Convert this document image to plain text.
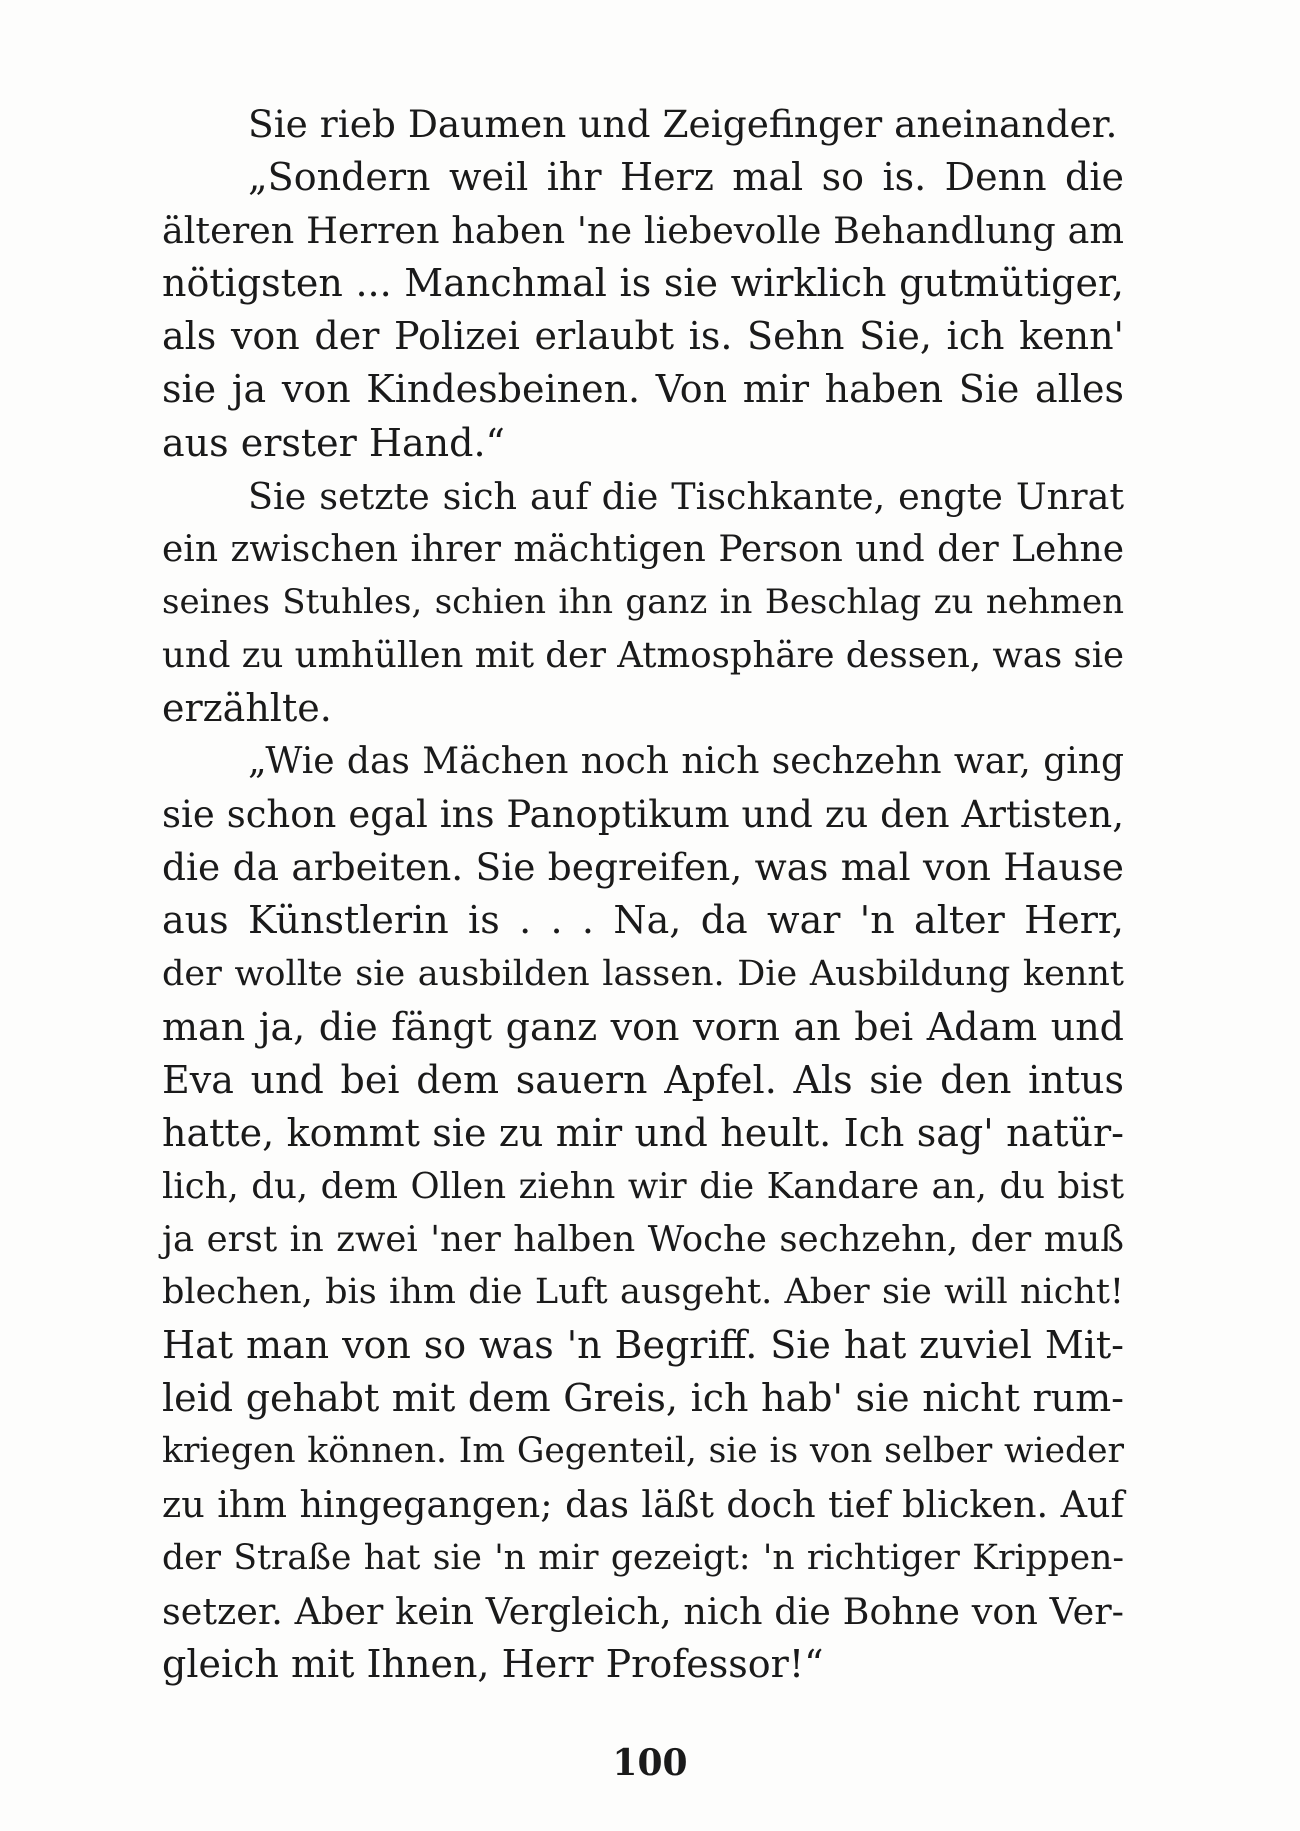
Sie rieb Daumen und Zeigefinger aneinander.
„Sondern weil ihr Herz mal so is. Denn die
älteren Herren haben 'ne liebevolle Behandlung am
nötigsten ... Manchmal is sie wirklich gutmütiger,
als von der Polizei erlaubt is. Sehn Sie, ich kenn'
sie ja von Kindesbeinen. Von mir haben Sie alles
aus erster Hand.“
Sie setzte sich auf die Tischkante, engte Unrat
ein zwischen ihrer mächtigen Person und der Lehne
seines Stuhles, schien ihn ganz in Beschlag zu nehmen
und zu umhüllen mit der Atmosphäre dessen, was sie
erzählte.
„Wie das Mächen noch nich sechzehn war, ging
sie schon egal ins Panoptikum und zu den Artisten,
die da arbeiten. Sie begreifen, was mal von Hause
aus Künstlerin is . . . Na, da war 'n alter Herr,
der wollte sie ausbilden lassen. Die Ausbildung kennt
man ja, die fängt ganz von vorn an bei Adam und
Eva und bei dem sauern Apfel. Als sie den intus
hatte, kommt sie zu mir und heult. Ich sag' natür-
lich, du, dem Ollen ziehn wir die Kandare an, du bist
ja erst in zwei 'ner halben Woche sechzehn, der muß
blechen, bis ihm die Luft ausgeht. Aber sie will nicht!
Hat man von so was 'n Begriff. Sie hat zuviel Mit-
leid gehabt mit dem Greis, ich hab' sie nicht rum-
kriegen können. Im Gegenteil, sie is von selber wieder
zu ihm hingegangen; das läßt doch tief blicken. Auf
der Straße hat sie 'n mir gezeigt: 'n richtiger Krippen-
setzer. Aber kein Vergleich, nich die Bohne von Ver-
gleich mit Ihnen, Herr Professor!“
100
